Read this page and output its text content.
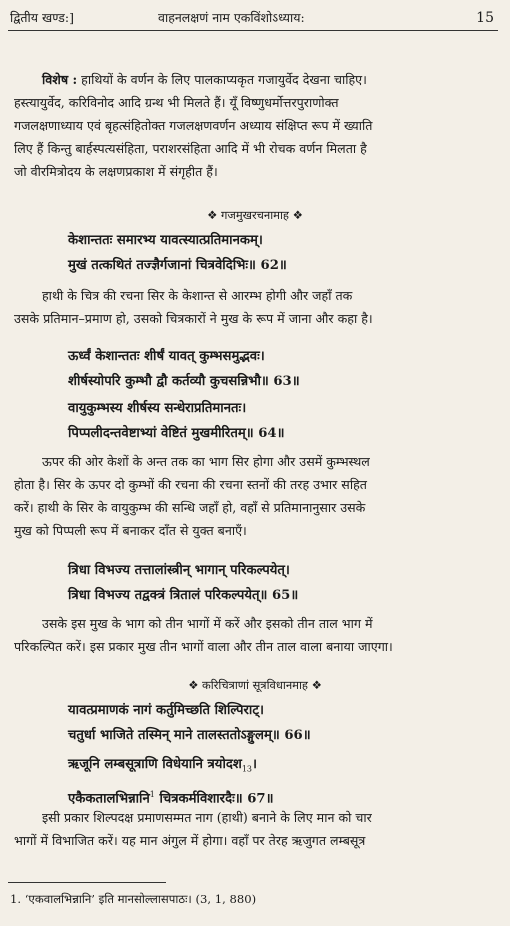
द्वितीय खण्ड:]	वाहनलक्षणं नाम एकविंशोऽध्याय:	15

विशेष : हाथियों के वर्णन के लिए पालकाप्यकृत गजायुर्वेद देखना चाहिए।

हस्त्यायुर्वेद, करिविनोद आदि ग्रन्थ भी मिलते हैं। यूँ विष्णुधर्मोत्तरपुराणोक्त

गजलक्षणाध्याय एवं बृहत्संहितोक्त गजलक्षणवर्णन अध्याय संक्षिप्त रूप में ख्याति

लिए हैं किन्तु बार्हस्पत्यसंहिता, पराशरसंहिता आदि में भी रोचक वर्णन मिलता है

जो वीरमित्रोदय के लक्षणप्रकाश में संगृहीत हैं।

❖ गजमुखरचनामाह ❖
केशान्ततः समारभ्य यावत्स्यात्प्रतिमानकम्।
मुखं तत्कथितं तज्ज्ञैर्गजानां चित्रवेदिभिः॥ 62॥

हाथी के चित्र की रचना सिर के केशान्त से आरम्भ होगी और जहाँ तक

उसके प्रतिमान–प्रमाण हो, उसको चित्रकारों ने मुख के रूप में जाना और कहा है।

ऊर्ध्वं केशान्ततः शीर्षं यावत् कुम्भसमुद्भवः।
शीर्षस्योपरि कुम्भौ द्वौ कर्तव्यौ कुचसन्निभौ॥ 63॥
वायुकुम्भस्य शीर्षस्य सन्धेराप्रतिमानतः।
पिप्पलीदन्तवेष्टाभ्यां वेष्टितं मुखमीरितम्॥ 64॥

ऊपर की ओर केशों के अन्त तक का भाग सिर होगा और उसमें कुम्भस्थल

होता है। सिर के ऊपर दो कुम्भों की रचना की रचना स्तनों की तरह उभार सहित

करें। हाथी के सिर के वायुकुम्भ की सन्धि जहाँ हो, वहाँ से प्रतिमानानुसार उसके

मुख को पिप्पली रूप में बनाकर दाँत से युक्त बनाएँ।

त्रिधा विभज्य तत्तालांस्त्रीन् भागान् परिकल्पयेत्।
त्रिधा विभज्य तद्वक्त्रं त्रितालं परिकल्पयेत्॥ 65॥

उसके इस मुख के भाग को तीन भागों में करें और इसको तीन ताल भाग में

परिकल्पित करें। इस प्रकार मुख तीन भागों वाला और तीन ताल वाला बनाया जाएगा।

❖ करिचित्राणां सूत्रविधानमाह ❖
यावत्प्रमाणकं नागं कर्तुमिच्छति शिल्पिराट्।
चतुर्धा भाजिते तस्मिन् माने तालस्ततोऽङ्गुलम्॥ 66॥
ऋजूनि लम्बसूत्राणि विधेयानि त्रयोदश$_{13}$।
एकैकतालभिन्नानि$^1$ चित्रकर्मविशारदैः॥ 67॥

इसी प्रकार शिल्पदक्ष प्रमाणसम्मत नाग (हाथी) बनाने के लिए मान को चार

भागों में विभाजित करें। यह मान अंगुल में होगा। वहाँ पर तेरह ऋजुगत लम्बसूत्र

1. ‘एकवालभिन्नानि’ इति मानसोल्लासपाठः। (3, 1, 880)
